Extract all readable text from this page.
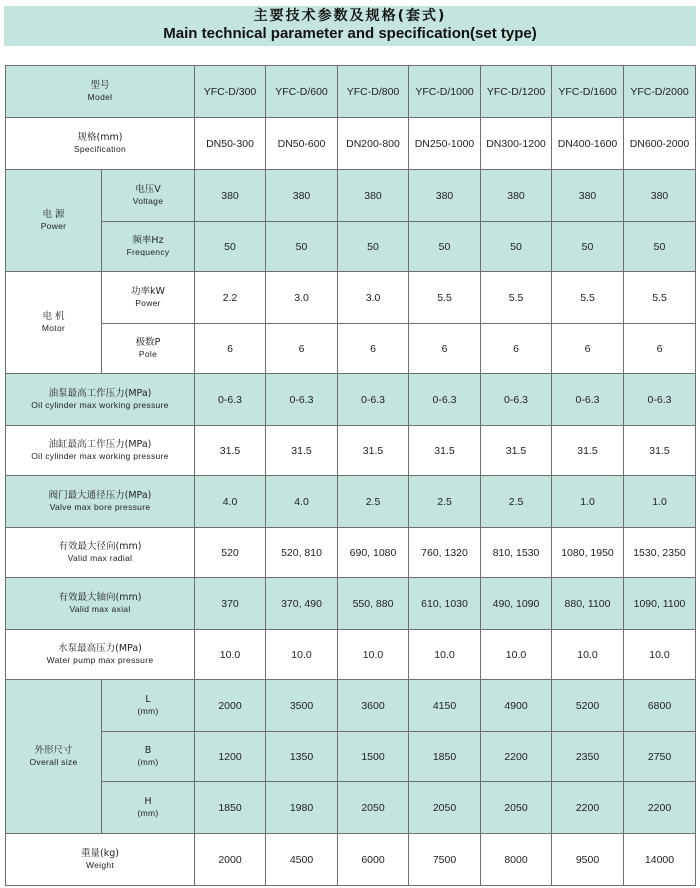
主要技术参数及规格(套式)
Main technical parameter and specification(set type)
型号
Model		YFC-D/300	YFC-D/600	YFC-D/800	YFC-D/1000	YFC-D/1200	YFC-D/1600	YFC-D/2000

规格(mm)
Specification		DN50-300	DN50-600	DN200-800	DN250-1000	DN300-1200	DN400-1600	DN600-2000

电 源
Power	电压V
Voltage	380	380	380	380	380	380	380

	频率Hz
Frequency	50	50	50	50	50	50	50

电 机
Motor	功率kW
Power	2.2	3.0	3.0	5.5	5.5	5.5	5.5

	极数P
Pole	6	6	6	6	6	6	6

油泵最高工作压力(MPa)
Oil cylinder max working pressure		0-6.3	0-6.3	0-6.3	0-6.3	0-6.3	0-6.3	0-6.3

油缸最高工作压力(MPa)
Oil cylinder max working pressure		31.5	31.5	31.5	31.5	31.5	31.5	31.5

阀门最大通径压力(MPa)
Valve max bore pressure		4.0	4.0	2.5	2.5	2.5	1.0	1.0

有效最大径向(mm)
Valid max radial		520	520, 810	690, 1080	760, 1320	810, 1530	1080, 1950	1530, 2350

有效最大轴向(mm)
Valid max axial		370	370, 490	550, 880	610, 1030	490, 1090	880, 1100	1090, 1100

水泵最高压力(MPa)
Water pump max pressure		10.0	10.0	10.0	10.0	10.0	10.0	10.0

外形尺寸
Overall size	L
(mm)	2000	3500	3600	4150	4900	5200	6800

	B
(mm)	1200	1350	1500	1850	2200	2350	2750

	H
(mm)	1850	1980	2050	2050	2050	2200	2200

重量(kg)
Weight		2000	4500	6000	7500	8000	9500	14000
